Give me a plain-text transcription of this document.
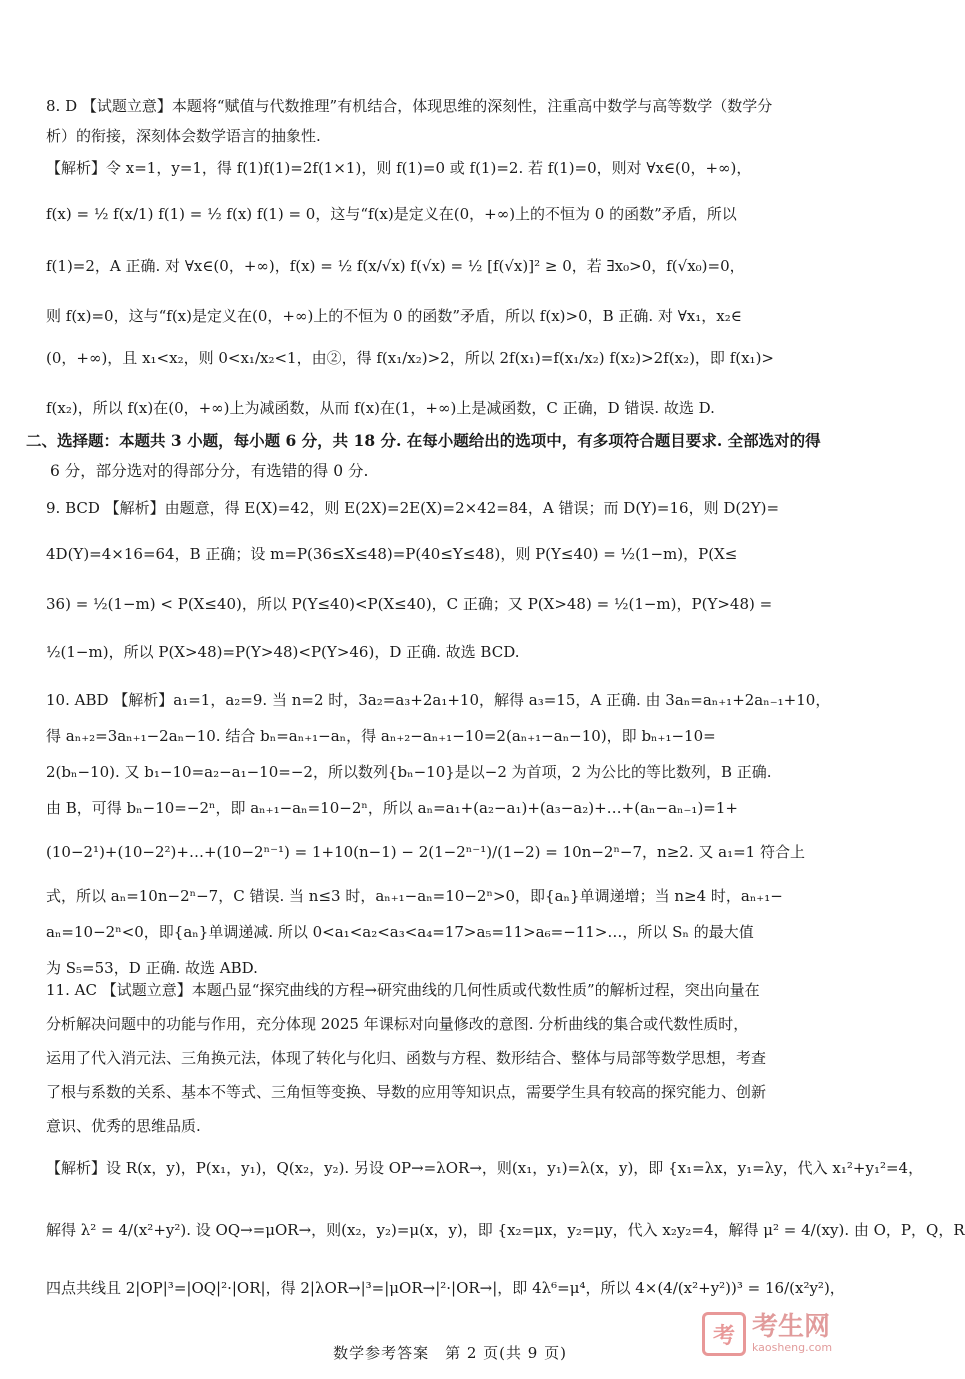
8. D 【试题立意】本题将“赋值与代数推理”有机结合，体现思维的深刻性，注重高中数学与高等数学（数学分
析）的衔接，深刻体会数学语言的抽象性.
【解析】令 x=1，y=1，得 f(1)f(1)=2f(1×1)，则 f(1)=0 或 f(1)=2. 若 f(1)=0，则对 ∀x∈(0，+∞)，
f(x) = ½ f(x/1) f(1) = ½ f(x) f(1) = 0，这与“f(x)是定义在(0，+∞)上的不恒为 0 的函数”矛盾，所以
f(1)=2，A 正确. 对 ∀x∈(0，+∞)，f(x) = ½ f(x/√x) f(√x) = ½ [f(√x)]² ≥ 0，若 ∃x₀>0，f(√x₀)=0，
则 f(x)=0，这与“f(x)是定义在(0，+∞)上的不恒为 0 的函数”矛盾，所以 f(x)>0，B 正确. 对 ∀x₁，x₂∈
(0，+∞)，且 x₁<x₂，则 0<x₁/x₂<1，由②，得 f(x₁/x₂)>2，所以 2f(x₁)=f(x₁/x₂) f(x₂)>2f(x₂)，即 f(x₁)>
f(x₂)，所以 f(x)在(0，+∞)上为减函数，从而 f(x)在(1，+∞)上是减函数，C 正确，D 错误. 故选 D.
二、选择题：本题共 3 小题，每小题 6 分，共 18 分. 在每小题给出的选项中，有多项符合题目要求. 全部选对的得
6 分，部分选对的得部分分，有选错的得 0 分.
9. BCD 【解析】由题意，得 E(X)=42，则 E(2X)=2E(X)=2×42=84，A 错误；而 D(Y)=16，则 D(2Y)=
4D(Y)=4×16=64，B 正确；设 m=P(36≤X≤48)=P(40≤Y≤48)，则 P(Y≤40) = ½(1−m)，P(X≤
36) = ½(1−m) < P(X≤40)，所以 P(Y≤40)<P(X≤40)，C 正确；又 P(X>48) = ½(1−m)，P(Y>48) =
½(1−m)，所以 P(X>48)=P(Y>48)<P(Y>46)，D 正确. 故选 BCD.
10. ABD 【解析】a₁=1，a₂=9. 当 n=2 时，3a₂=a₃+2a₁+10，解得 a₃=15，A 正确. 由 3aₙ=aₙ₊₁+2aₙ₋₁+10，
得 aₙ₊₂=3aₙ₊₁−2aₙ−10. 结合 bₙ=aₙ₊₁−aₙ，得 aₙ₊₂−aₙ₊₁−10=2(aₙ₊₁−aₙ−10)，即 bₙ₊₁−10=
2(bₙ−10). 又 b₁−10=a₂−a₁−10=−2，所以数列{bₙ−10}是以−2 为首项，2 为公比的等比数列，B 正确.
由 B，可得 bₙ−10=−2ⁿ，即 aₙ₊₁−aₙ=10−2ⁿ，所以 aₙ=a₁+(a₂−a₁)+(a₃−a₂)+…+(aₙ−aₙ₋₁)=1+
(10−2¹)+(10−2²)+…+(10−2ⁿ⁻¹) = 1+10(n−1) − 2(1−2ⁿ⁻¹)/(1−2) = 10n−2ⁿ−7，n≥2. 又 a₁=1 符合上
式，所以 aₙ=10n−2ⁿ−7，C 错误. 当 n≤3 时，aₙ₊₁−aₙ=10−2ⁿ>0，即{aₙ}单调递增；当 n≥4 时，aₙ₊₁−
aₙ=10−2ⁿ<0，即{aₙ}单调递减. 所以 0<a₁<a₂<a₃<a₄=17>a₅=11>a₆=−11>…，所以 Sₙ 的最大值
为 S₅=53，D 正确. 故选 ABD.
11. AC 【试题立意】本题凸显“探究曲线的方程→研究曲线的几何性质或代数性质”的解析过程，突出向量在
分析解决问题中的功能与作用，充分体现 2025 年课标对向量修改的意图. 分析曲线的集合或代数性质时，
运用了代入消元法、三角换元法，体现了转化与化归、函数与方程、数形结合、整体与局部等数学思想，考查
了根与系数的关系、基本不等式、三角恒等变换、导数的应用等知识点，需要学生具有较高的探究能力、创新
意识、优秀的思维品质.
【解析】设 R(x，y)，P(x₁，y₁)，Q(x₂，y₂). 另设 OP→=λOR→，则(x₁，y₁)=λ(x，y)，即 {x₁=λx，y₁=λy，代入 x₁²+y₁²=4，
解得 λ² = 4/(x²+y²). 设 OQ→=μOR→，则(x₂，y₂)=μ(x，y)，即 {x₂=μx，y₂=μy，代入 x₂y₂=4，解得 μ² = 4/(xy). 由 O，P，Q，R
四点共线且 2|OP|³=|OQ|²·|OR|，得 2|λOR→|³=|μOR→|²·|OR→|，即 4λ⁶=μ⁴，所以 4×(4/(x²+y²))³ = 16/(x²y²)，
数学参考答案　第 2 页(共 9 页)
考 考生网
kaosheng.com
